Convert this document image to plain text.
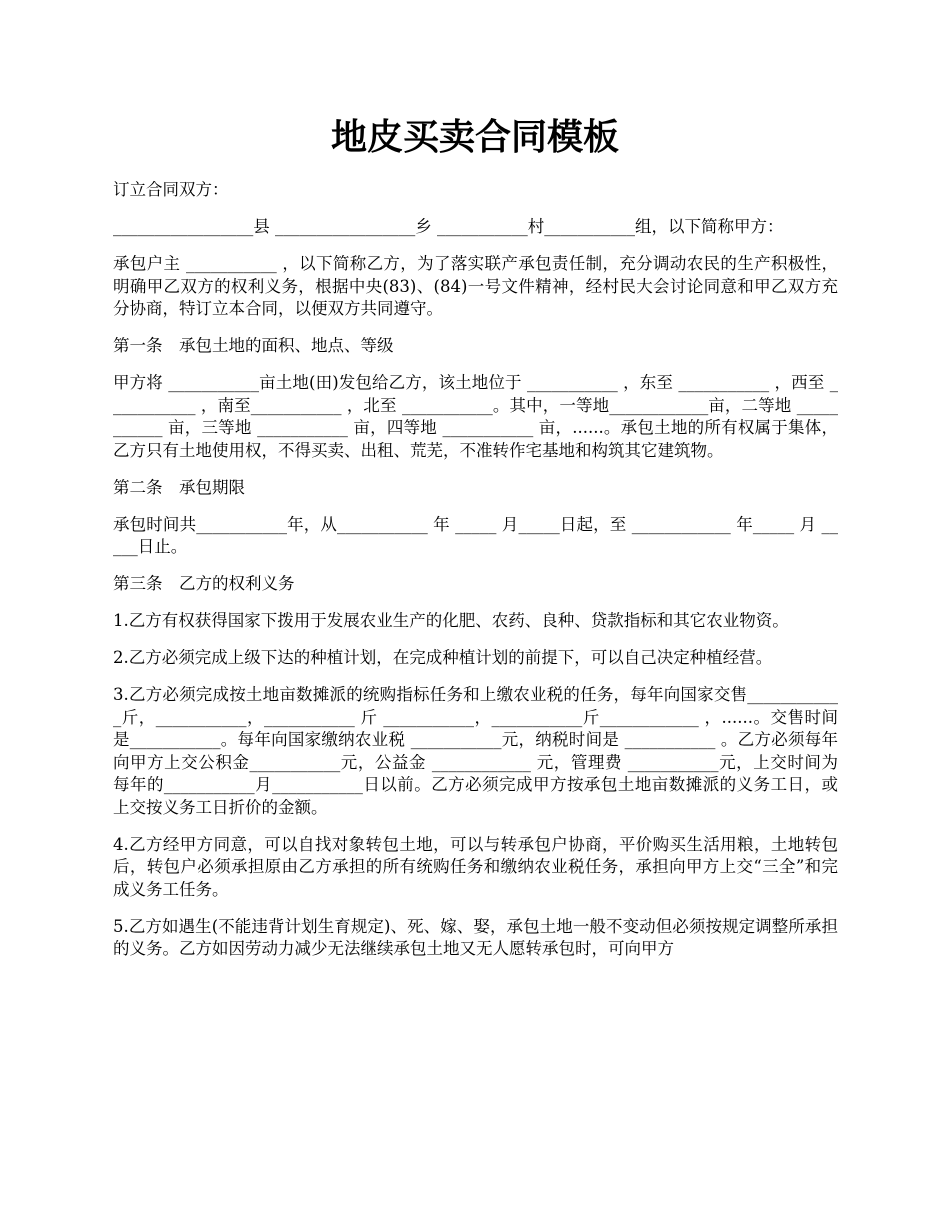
地皮买卖合同模板

订立合同双方：

_________________县 _________________乡 ___________村___________组，以下简称甲方：

承包户主 ___________ ，以下简称乙方，为了落实联产承包责任制，充分调动农民的生产积极性，明确甲乙双方的权利义务，根据中央(83)、(84)一号文件精神，经村民大会讨论同意和甲乙双方充分协商，特订立本合同，以便双方共同遵守。

第一条　承包土地的面积、地点、等级

甲方将 ___________亩土地(田)发包给乙方，该土地位于 ___________ ，东至 ___________ ，西至 ___________ ，南至___________ ，北至 ___________。其中，一等地____________亩，二等地 ___________ 亩，三等地 ___________ 亩，四等地 ___________ 亩，......。承包土地的所有权属于集体，乙方只有土地使用权，不得买卖、出租、荒芜，不准转作宅基地和构筑其它建筑物。

第二条　承包期限

承包时间共___________年，从___________ 年 _____ 月_____日起，至 ____________ 年_____ 月 _____日止。

第三条　乙方的权利义务

1.乙方有权获得国家下拨用于发展农业生产的化肥、农药、良种、贷款指标和其它农业物资。

2.乙方必须完成上级下达的种植计划，在完成种植计划的前提下，可以自己决定种植经营。

3.乙方必须完成按土地亩数摊派的统购指标任务和上缴农业税的任务，每年向国家交售____________斤，___________，___________ 斤 ___________，___________斤____________ ，......。交售时间是___________。每年向国家缴纳农业税 ___________元，纳税时间是 ___________ 。乙方必须每年向甲方上交公积金___________元，公益金 ____________ 元，管理费 ___________元，上交时间为每年的___________月___________日以前。乙方必须完成甲方按承包土地亩数摊派的义务工日，或上交按义务工日折价的金额。

4.乙方经甲方同意，可以自找对象转包土地，可以与转承包户协商，平价购买生活用粮，土地转包后，转包户必须承担原由乙方承担的所有统购任务和缴纳农业税任务，承担向甲方上交“三全”和完成义务工任务。

5.乙方如遇生(不能违背计划生育规定)、死、嫁、娶，承包土地一般不变动但必须按规定调整所承担的义务。乙方如因劳动力减少无法继续承包土地又无人愿转承包时，可向甲方
